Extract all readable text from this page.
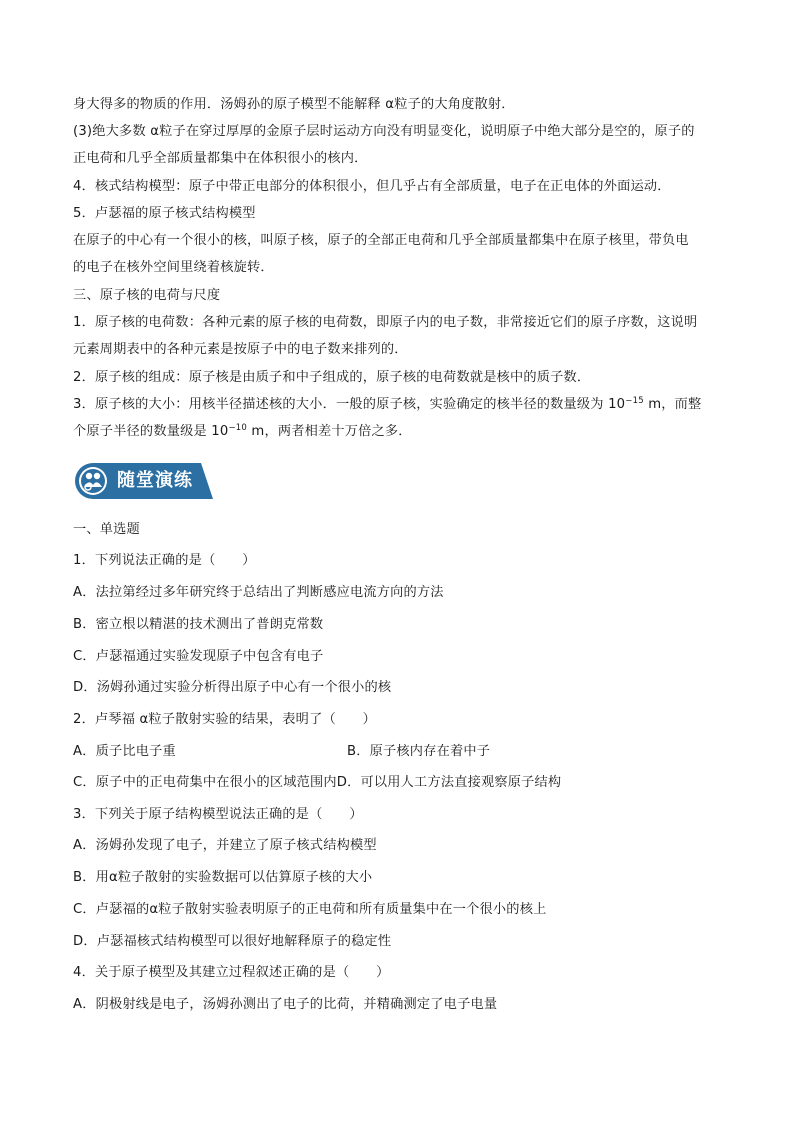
身大得多的物质的作用．汤姆孙的原子模型不能解释 α粒子的大角度散射．
(3)绝大多数 α粒子在穿过厚厚的金原子层时运动方向没有明显变化，说明原子中绝大部分是空的，原子的
正电荷和几乎全部质量都集中在体积很小的核内．
4．核式结构模型：原子中带正电部分的体积很小，但几乎占有全部质量，电子在正电体的外面运动．
5．卢瑟福的原子核式结构模型
在原子的中心有一个很小的核，叫原子核，原子的全部正电荷和几乎全部质量都集中在原子核里，带负电
的电子在核外空间里绕着核旋转．
三、原子核的电荷与尺度
1．原子核的电荷数：各种元素的原子核的电荷数，即原子内的电子数，非常接近它们的原子序数，这说明
元素周期表中的各种元素是按原子中的电子数来排列的．
2．原子核的组成：原子核是由质子和中子组成的，原子核的电荷数就是核中的质子数．
3．原子核的大小：用核半径描述核的大小．一般的原子核，实验确定的核半径的数量级为 $10^{-15}$ m，而整
个原子半径的数量级是 $10^{-10}$ m，两者相差十万倍之多．
随堂演练
一、单选题
1．下列说法正确的是（　　）
A．法拉第经过多年研究终于总结出了判断感应电流方向的方法
B．密立根以精湛的技术测出了普朗克常数
C．卢瑟福通过实验发现原子中包含有电子
D．汤姆孙通过实验分析得出原子中心有一个很小的核
2．卢琴福 α粒子散射实验的结果，表明了（　　）
A．质子比电子重	B．原子核内存在着中子
C．原子中的正电荷集中在很小的区域范围内D．可以用人工方法直接观察原子结构
3．下列关于原子结构模型说法正确的是（　　）
A．汤姆孙发现了电子，并建立了原子核式结构模型
B．用α粒子散射的实验数据可以估算原子核的大小
C．卢瑟福的α粒子散射实验表明原子的正电荷和所有质量集中在一个很小的核上
D．卢瑟福核式结构模型可以很好地解释原子的稳定性
4．关于原子模型及其建立过程叙述正确的是（　　）
A．阴极射线是电子，汤姆孙测出了电子的比荷，并精确测定了电子电量
